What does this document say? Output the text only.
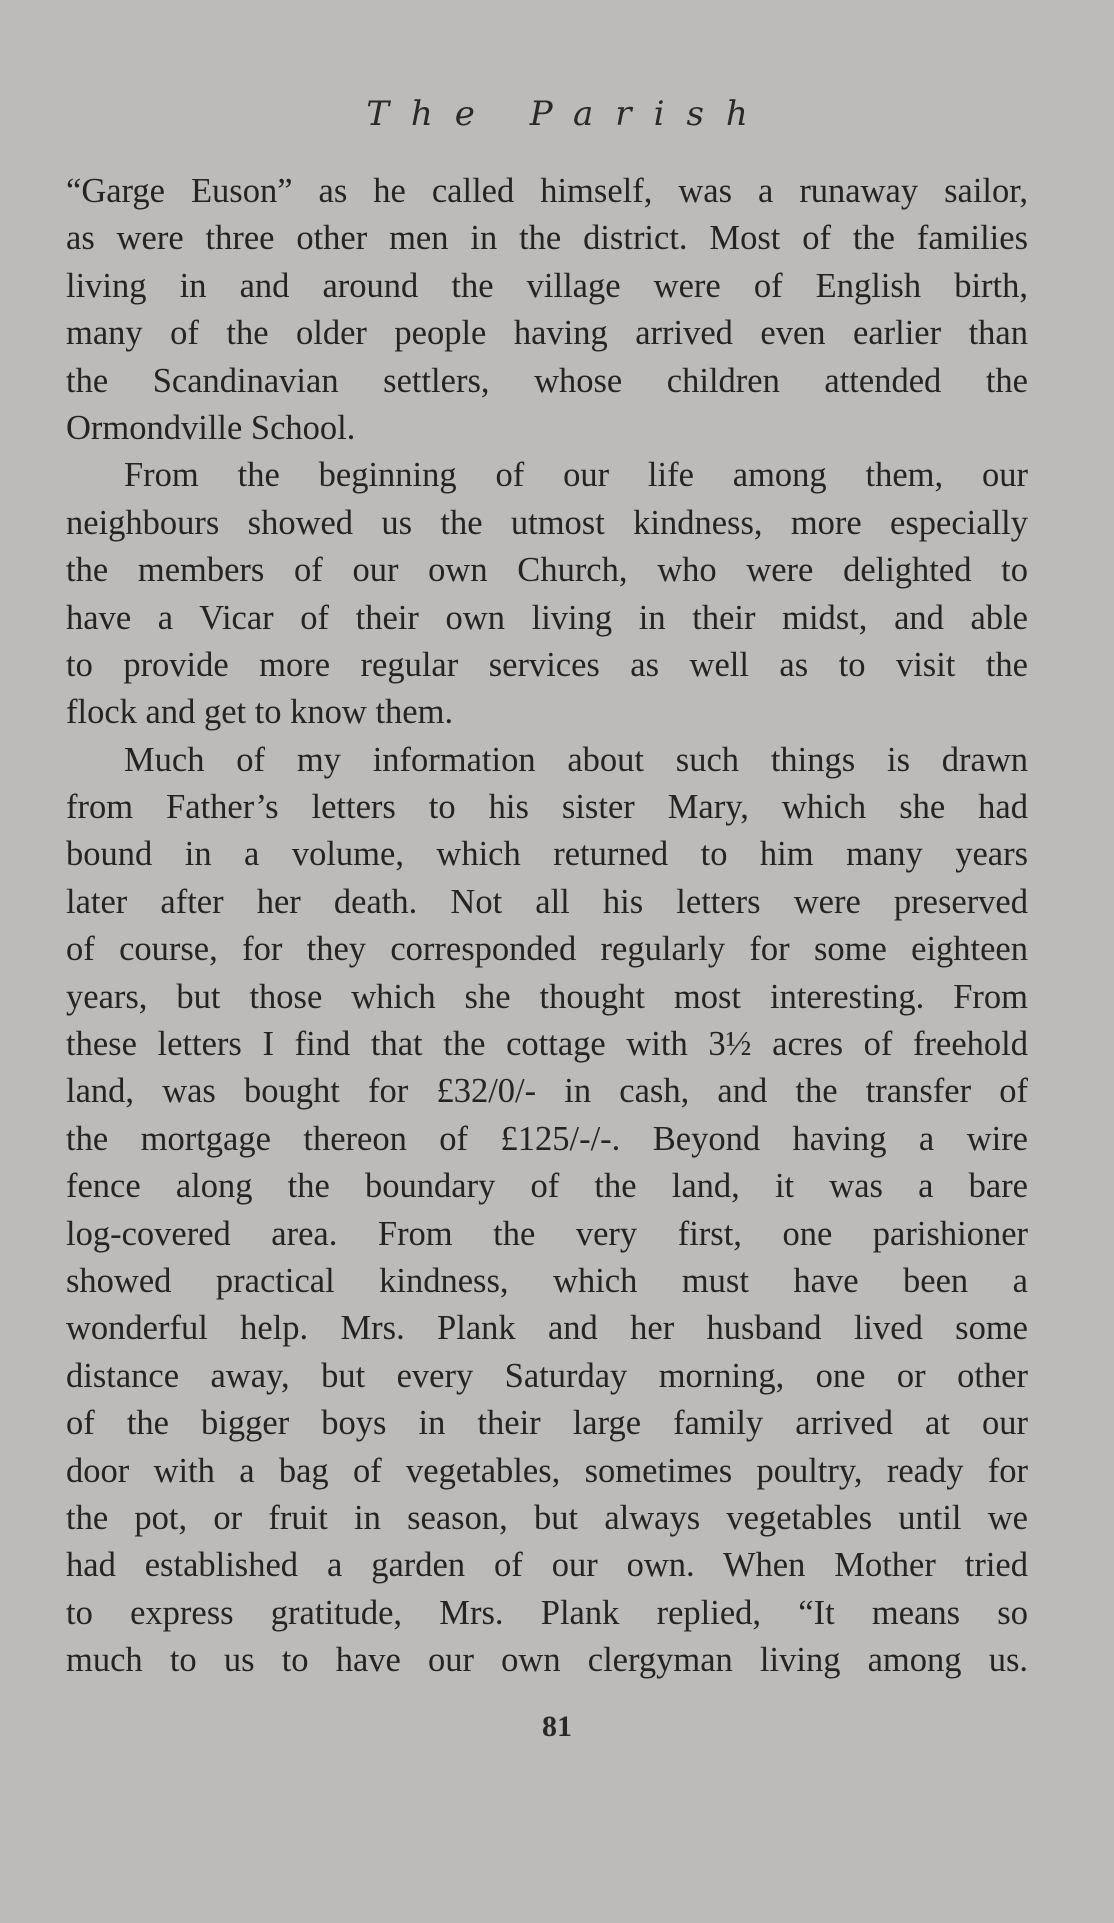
The Parish
“Garge Euson” as he called himself, was a runaway sailor,
as were three other men in the district. Most of the families
living in and around the village were of English birth,
many of the older people having arrived even earlier than
the Scandinavian settlers, whose children attended the
Ormondville School.
From the beginning of our life among them, our
neighbours showed us the utmost kindness, more especially
the members of our own Church, who were delighted to
have a Vicar of their own living in their midst, and able
to provide more regular services as well as to visit the
flock and get to know them.
Much of my information about such things is drawn
from Father’s letters to his sister Mary, which she had
bound in a volume, which returned to him many years
later after her death. Not all his letters were preserved
of course, for they corresponded regularly for some eighteen
years, but those which she thought most interesting. From
these letters I find that the cottage with 3½ acres of freehold
land, was bought for £32/0/- in cash, and the transfer of
the mortgage thereon of £125/-/-. Beyond having a wire
fence along the boundary of the land, it was a bare
log-covered area. From the very first, one parishioner
showed practical kindness, which must have been a
wonderful help. Mrs. Plank and her husband lived some
distance away, but every Saturday morning, one or other
of the bigger boys in their large family arrived at our
door with a bag of vegetables, sometimes poultry, ready for
the pot, or fruit in season, but always vegetables until we
had established a garden of our own. When Mother tried
to express gratitude, Mrs. Plank replied, “It means so
much to us to have our own clergyman living among us.
81
